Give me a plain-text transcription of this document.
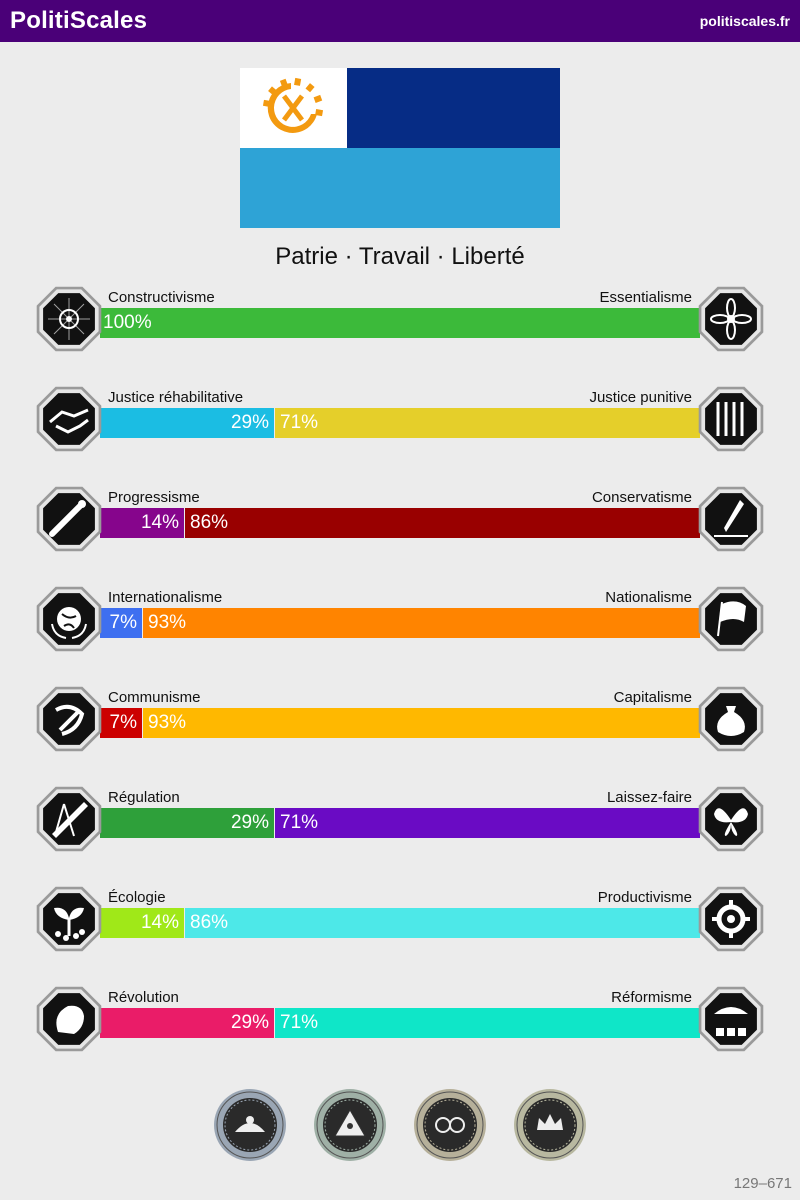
PolitiScales	politiscales.fr
Patrie · Travail · Liberté
Constructivisme	Essentialisme
100%
Justice réhabilitative	Justice punitive
29% 71%
Progressisme	Conservatisme
14% 86%
Internationalisme	Nationalisme
7% 93%
Communisme	Capitalisme
7% 93%
Régulation	Laissez-faire
29% 71%
Écologie	Productivisme
14% 86%
Révolution	Réformisme
29% 71%
129–671
